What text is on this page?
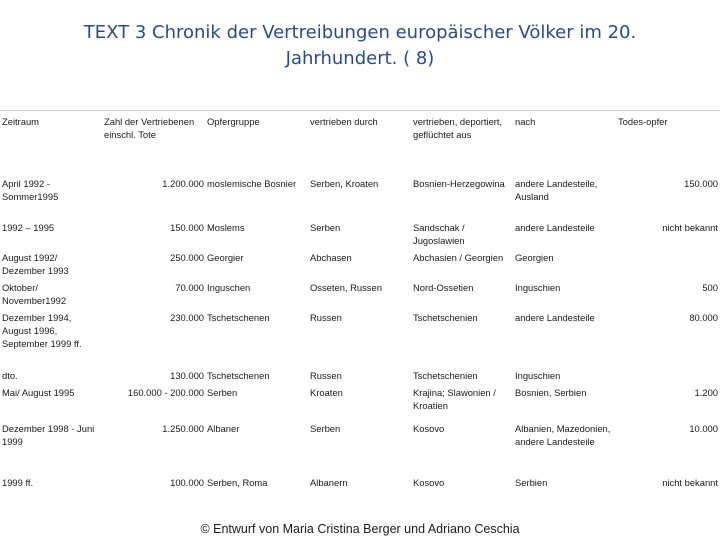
TEXT 3 Chronik der Vertreibungen europäischer Völker im 20.
Jahrhundert. ( 8)
Zeitraum	Zahl der Vertriebenen einschl. Tote	Opfergruppe	vertrieben durch	vertrieben, deportiert, geflüchtet aus	nach	Todes-opfer
April 1992 - Sommer1995	1.200.000	moslemische Bosnier	Serben, Kroaten	Bosnien-Herzegowina	andere Landesteile, Ausland	150.000
1992 – 1995	150.000	Moslems	Serben	Sandschak / Jugoslawien	andere Landesteile	nicht bekannt
August 1992/ Dezember 1993	250.000	Georgier	Abchasen	Abchasien / Georgien	Georgien	
Oktober/ November1992	70.000	Inguschen	Osseten, Russen	Nord-Ossetien	Inguschien	500
Dezember 1994, August 1996, September 1999 ff.	230.000	Tschetschenen	Russen	Tschetschenien	andere Landesteile	80.000
dto.	130.000	Tschetschenen	Russen	Tschetschenien	Inguschien	
Mai/ August 1995	160.000 - 200.000	Serben	Kroaten	Krajina; Slawonien / Kroatien	Bosnien, Serbien	1.200
Dezember 1998 - Juni 1999	1.250.000	Albaner	Serben	Kosovo	Albanien, Mazedonien, andere Landesteile	10.000
1999 ff.	100.000	Serben, Roma	Albanern	Kosovo	Serbien	nicht bekannt
© Entwurf von Maria Cristina Berger und Adriano Ceschia
